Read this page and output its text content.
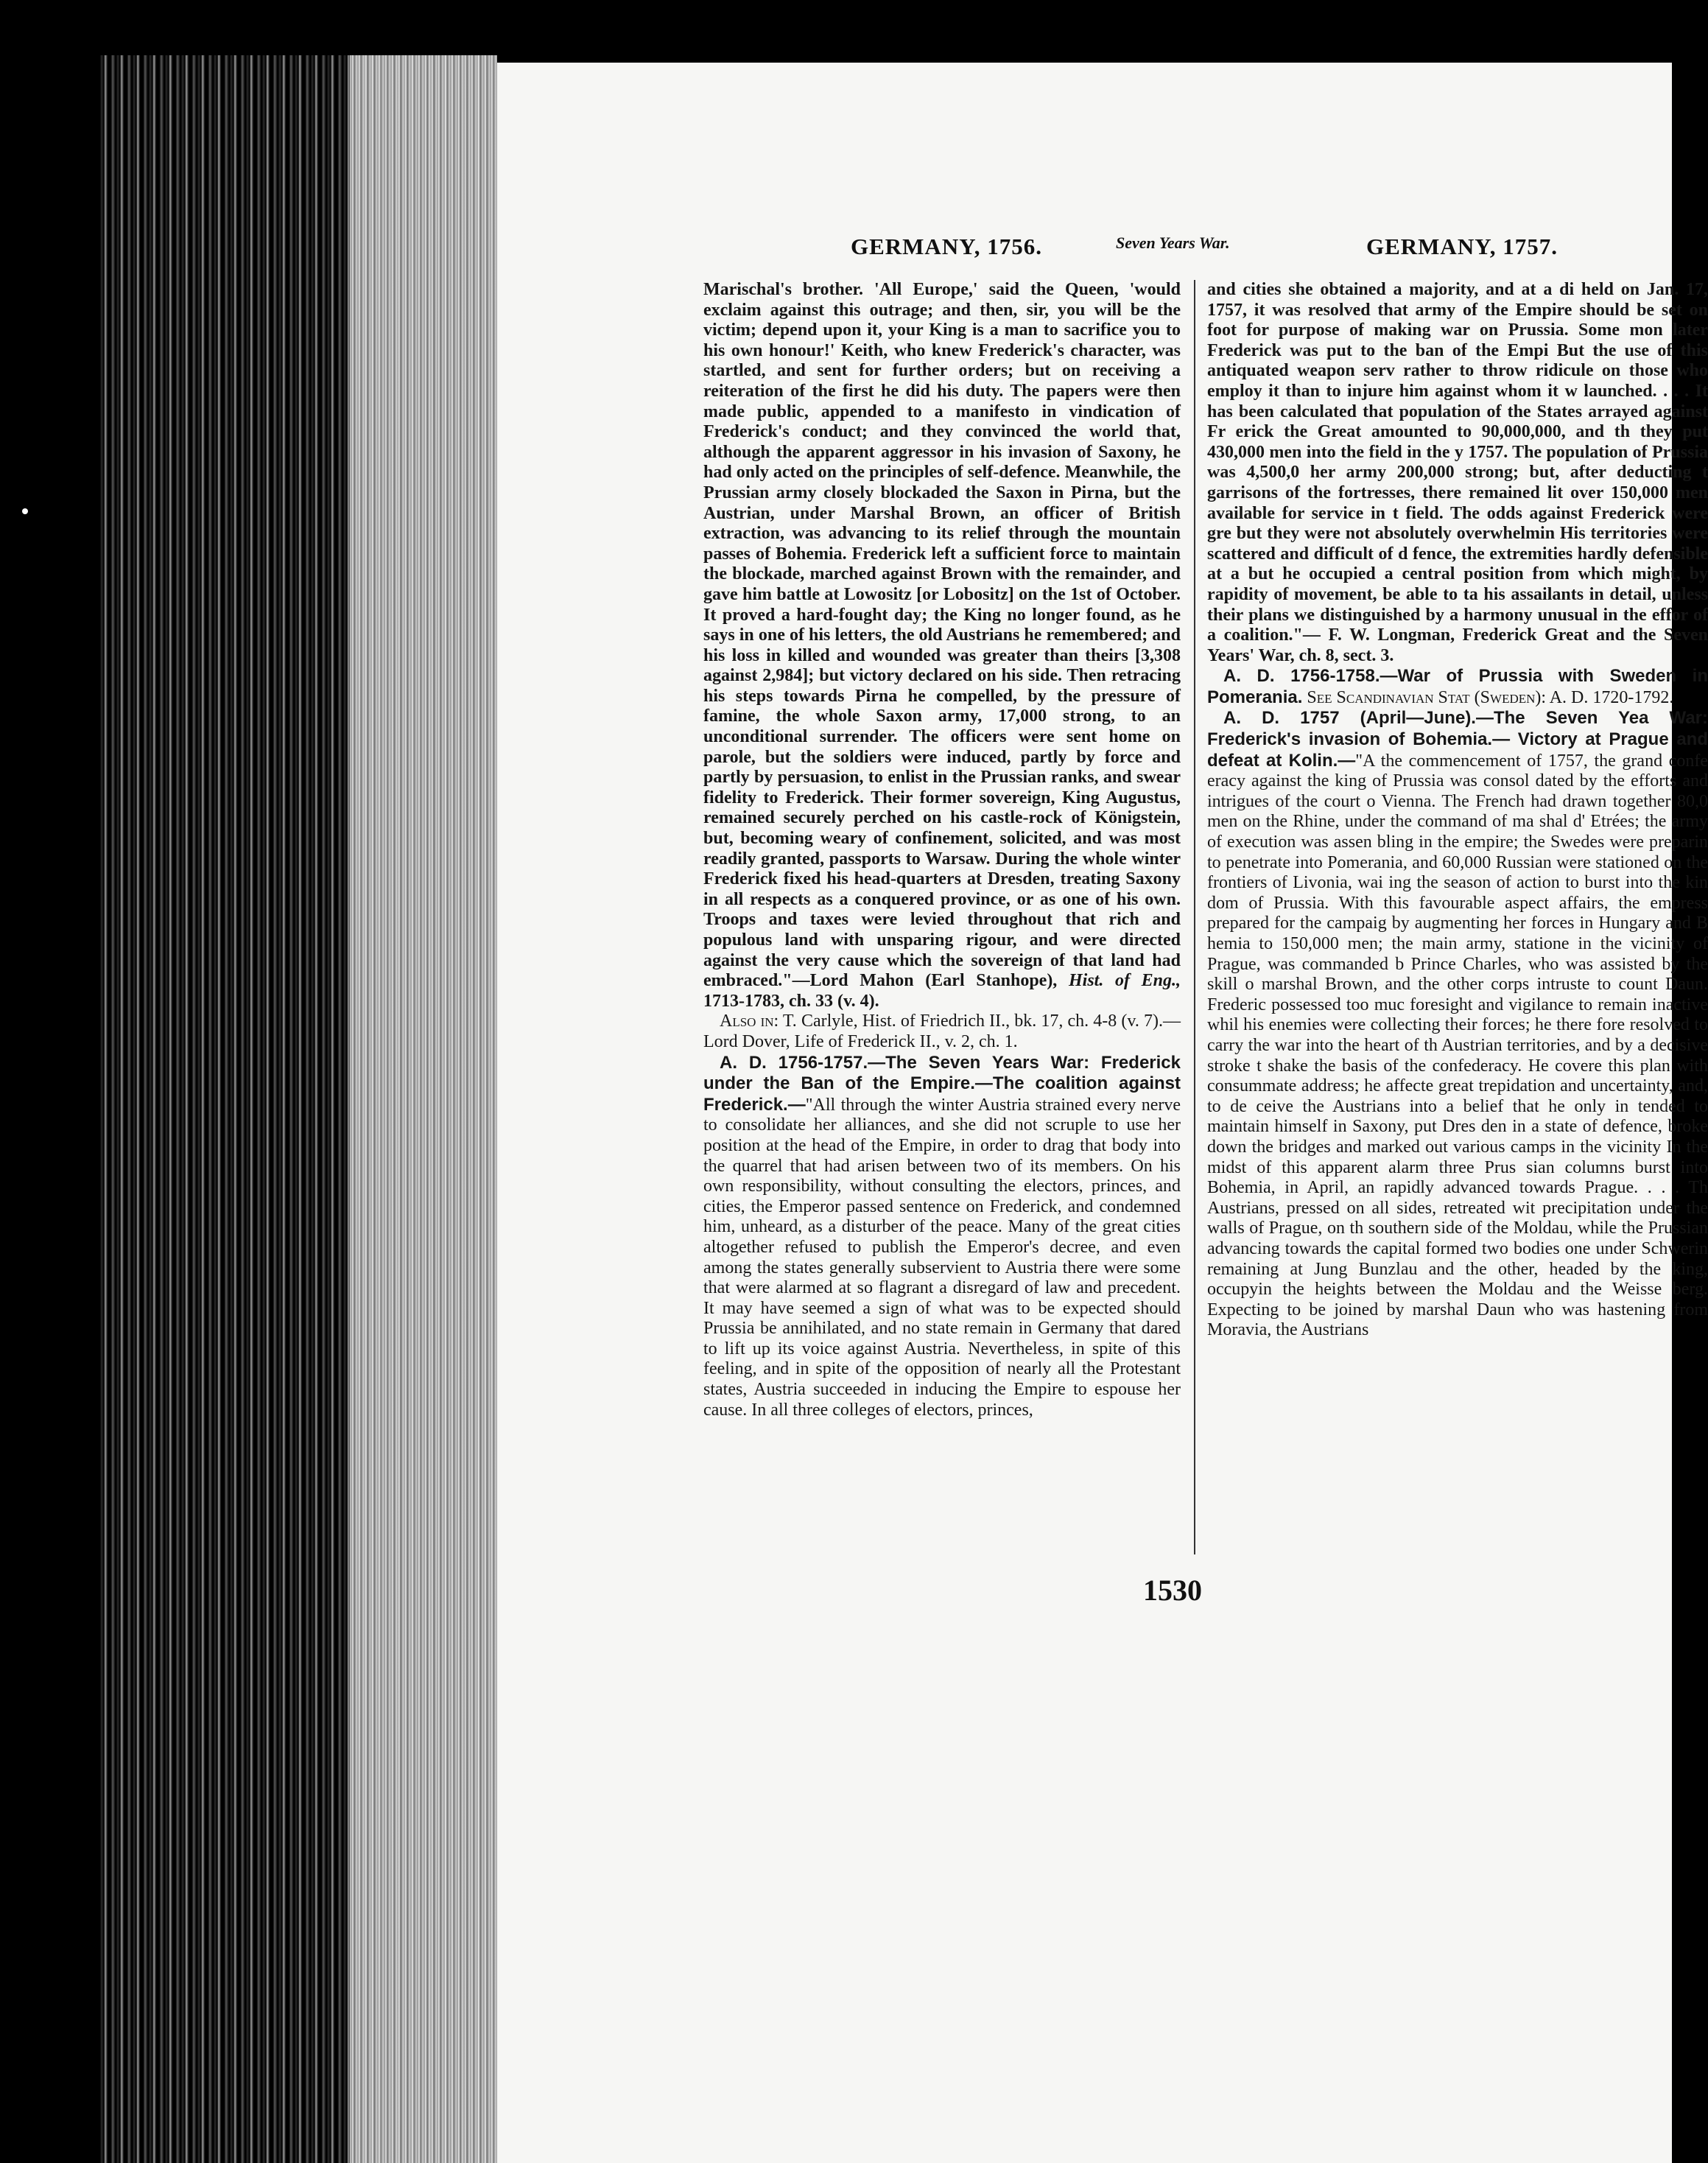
GERMANY, 1756.	Seven Years War.	GERMANY, 1757.

Marischal's brother. 'All Europe,' said the Queen, 'would exclaim against this outrage; and then, sir, you will be the victim; depend upon it, your King is a man to sacrifice you to his own honour!' Keith, who knew Frederick's character, was startled, and sent for further orders; but on receiving a reiteration of the first he did his duty. The papers were then made public, appended to a manifesto in vindication of Frederick's conduct; and they convinced the world that, although the apparent aggressor in his invasion of Saxony, he had only acted on the principles of self-defence. Meanwhile, the Prussian army closely blockaded the Saxon in Pirna, but the Austrian, under Marshal Brown, an officer of British extraction, was advancing to its relief through the mountain passes of Bohemia. Frederick left a sufficient force to maintain the blockade, marched against Brown with the remainder, and gave him battle at Lowositz [or Lobositz] on the 1st of October. It proved a hard-fought day; the King no longer found, as he says in one of his letters, the old Austrians he remembered; and his loss in killed and wounded was greater than theirs [3,308 against 2,984]; but victory declared on his side. Then retracing his steps towards Pirna he compelled, by the pressure of famine, the whole Saxon army, 17,000 strong, to an unconditional surrender. The officers were sent home on parole, but the soldiers were induced, partly by force and partly by persuasion, to enlist in the Prussian ranks, and swear fidelity to Frederick. Their former sovereign, King Augustus, remained securely perched on his castle-rock of Königstein, but, becoming weary of confinement, solicited, and was most readily granted, passports to Warsaw. During the whole winter Frederick fixed his head-quarters at Dresden, treating Saxony in all respects as a conquered province, or as one of his own. Troops and taxes were levied throughout that rich and populous land with unsparing rigour, and were directed against the very cause which the sovereign of that land had embraced."—Lord Mahon (Earl Stanhope), Hist. of Eng., 1713-1783, ch. 33 (v. 4).

Also in: T. Carlyle, Hist. of Friedrich II., bk. 17, ch. 4-8 (v. 7).—Lord Dover, Life of Frederick II., v. 2, ch. 1.

A. D. 1756-1757.—The Seven Years War: Frederick under the Ban of the Empire.—The coalition against Frederick.—"All through the winter Austria strained every nerve to consolidate her alliances, and she did not scruple to use her position at the head of the Empire, in order to drag that body into the quarrel that had arisen between two of its members. On his own responsibility, without consulting the electors, princes, and cities, the Emperor passed sentence on Frederick, and condemned him, unheard, as a disturber of the peace. Many of the great cities altogether refused to publish the Emperor's decree, and even among the states generally subservient to Austria there were some that were alarmed at so flagrant a disregard of law and precedent. It may have seemed a sign of what was to be expected should Prussia be annihilated, and no state remain in Germany that dared to lift up its voice against Austria. Nevertheless, in spite of this feeling, and in spite of the opposition of nearly all the Protestant states, Austria succeeded in inducing the Empire to espouse her cause. In all three colleges of electors, princes,

and cities she obtained a majority, and at a di held on Jan. 17, 1757, it was resolved that army of the Empire should be set on foot for purpose of making war on Prussia. Some mon later Frederick was put to the ban of the Empi But the use of this antiquated weapon serv rather to throw ridicule on those who employ it than to injure him against whom it w launched. . . . It has been calculated that population of the States arrayed against Fr erick the Great amounted to 90,000,000, and th they put 430,000 men into the field in the y 1757. The population of Prussia was 4,500,0 her army 200,000 strong; but, after deducting t garrisons of the fortresses, there remained lit over 150,000 men available for service in t field. The odds against Frederick were gre but they were not absolutely overwhelmin His territories were scattered and difficult of d fence, the extremities hardly defensible at a but he occupied a central position from which might, by rapidity of movement, be able to ta his assailants in detail, unless their plans we distinguished by a harmony unusual in the effor of a coalition."— F. W. Longman, Frederick Great and the Seven Years' War, ch. 8, sect. 3.

A. D. 1756-1758.—War of Prussia with Sweden in Pomerania. See Scandinavian Stat (Sweden): A. D. 1720-1792.

A. D. 1757 (April—June).—The Seven Yea War: Frederick's invasion of Bohemia.— Victory at Prague and defeat at Kolin.—"A the commencement of 1757, the grand confe eracy against the king of Prussia was consol dated by the efforts and intrigues of the court o Vienna. The French had drawn together 80,0 men on the Rhine, under the command of ma shal d' Etrées; the army of execution was assen bling in the empire; the Swedes were preparin to penetrate into Pomerania, and 60,000 Russian were stationed on the frontiers of Livonia, wai ing the season of action to burst into the kin dom of Prussia. With this favourable aspect affairs, the empress prepared for the campaig by augmenting her forces in Hungary and B hemia to 150,000 men; the main army, statione in the vicinity of Prague, was commanded b Prince Charles, who was assisted by the skill o marshal Brown, and the other corps intruste to count Daun. Frederic possessed too muc foresight and vigilance to remain inactive whil his enemies were collecting their forces; he there fore resolved to carry the war into the heart of th Austrian territories, and by a decisive stroke t shake the basis of the confederacy. He covere this plan with consummate address; he affecte great trepidation and uncertainty, and, to de ceive the Austrians into a belief that he only in tended to maintain himself in Saxony, put Dres den in a state of defence, broke down the bridges and marked out various camps in the vicinity In the midst of this apparent alarm three Prus sian columns burst into Bohemia, in April, an rapidly advanced towards Prague. . . . Th Austrians, pressed on all sides, retreated wit precipitation under the walls of Prague, on th southern side of the Moldau, while the Prussian advancing towards the capital formed two bodies one under Schwerin remaining at Jung Bunzlau and the other, headed by the king, occupyin the heights between the Moldau and the Weisse berg. Expecting to be joined by marshal Daun who was hastening from Moravia, the Austrians

1530
